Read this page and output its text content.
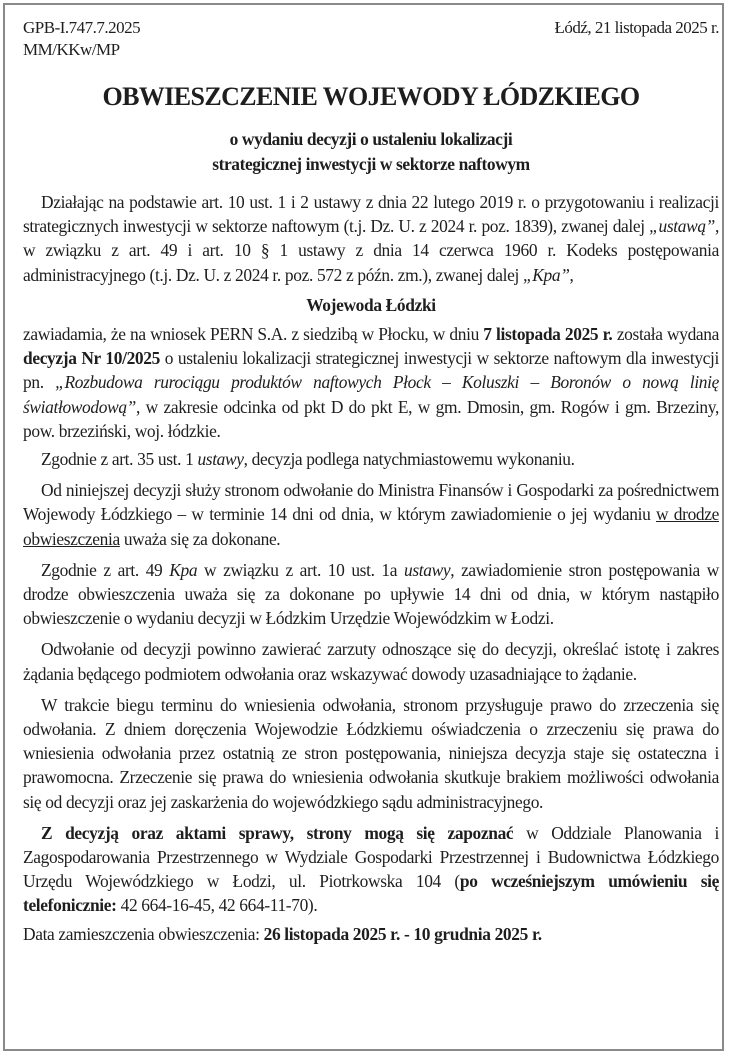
GPB-I.747.7.2025
MM/KKw/MP
Łódź, 21 listopada 2025 r.
OBWIESZCZENIE WOJEWODY ŁÓDZKIEGO
o wydaniu decyzji o ustaleniu lokalizacji
strategicznej inwestycji w sektorze naftowym

Działając na podstawie art. 10 ust. 1 i 2 ustawy z dnia 22 lutego 2019 r. o przygotowaniu i realizacji strategicznych inwestycji w sektorze naftowym (t.j. Dz. U. z 2024 r. poz. 1839), zwanej dalej „ustawą”, w związku z art. 49 i art. 10 § 1 ustawy z dnia 14 czerwca 1960 r. Kodeks postępowania administracyjnego (t.j. Dz. U. z 2024 r. poz. 572 z późn. zm.), zwanej dalej „Kpa”,

Wojewoda Łódzki

zawiadamia, że na wniosek PERN S.A. z siedzibą w Płocku, w dniu 7 listopada 2025 r. została wydana decyzja Nr 10/2025 o ustaleniu lokalizacji strategicznej inwestycji w sektorze naftowym dla inwestycji pn. „Rozbudowa rurociągu produktów naftowych Płock – Koluszki – Boronów o nową linię światłowodową”, w zakresie odcinka od pkt D do pkt E, w gm. Dmosin, gm. Rogów i gm. Brzeziny, pow. brzeziński, woj. łódzkie.

Zgodnie z art. 35 ust. 1 ustawy, decyzja podlega natychmiastowemu wykonaniu.

Od niniejszej decyzji służy stronom odwołanie do Ministra Finansów i Gospodarki za pośrednictwem Wojewody Łódzkiego – w terminie 14 dni od dnia, w którym zawiadomienie o jej wydaniu w drodze obwieszczenia uważa się za dokonane.

Zgodnie z art. 49 Kpa w związku z art. 10 ust. 1a ustawy, zawiadomienie stron postępowania w drodze obwieszczenia uważa się za dokonane po upływie 14 dni od dnia, w którym nastąpiło obwieszczenie o wydaniu decyzji w Łódzkim Urzędzie Wojewódzkim w Łodzi.

Odwołanie od decyzji powinno zawierać zarzuty odnoszące się do decyzji, określać istotę i zakres żądania będącego podmiotem odwołania oraz wskazywać dowody uzasadniające to żądanie.

W trakcie biegu terminu do wniesienia odwołania, stronom przysługuje prawo do zrzeczenia się odwołania. Z dniem doręczenia Wojewodzie Łódzkiemu oświadczenia o zrzeczeniu się prawa do wniesienia odwołania przez ostatnią ze stron postępowania, niniejsza decyzja staje się ostateczna i prawomocna. Zrzeczenie się prawa do wniesienia odwołania skutkuje brakiem możliwości odwołania się od decyzji oraz jej zaskarżenia do wojewódzkiego sądu administracyjnego.

Z decyzją oraz aktami sprawy, strony mogą się zapoznać w Oddziale Planowania i Zagospodarowania Przestrzennego w Wydziale Gospodarki Przestrzennej i Budownictwa Łódzkiego Urzędu Wojewódzkiego w Łodzi, ul. Piotrkowska 104 (po wcześniejszym umówieniu się telefonicznie: 42 664-16-45, 42 664-11-70).

Data zamieszczenia obwieszczenia: 26 listopada 2025 r. - 10 grudnia 2025 r.
